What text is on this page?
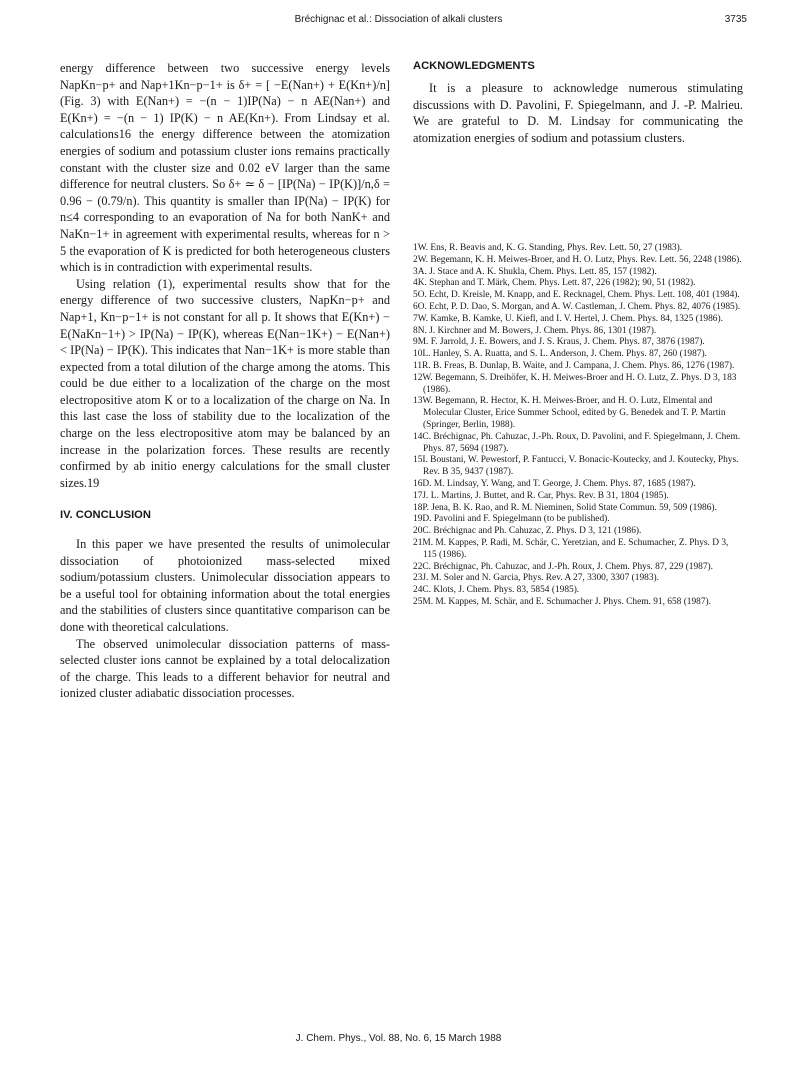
Bréchignac et al.: Dissociation of alkali clusters	3735

energy difference between two successive energy levels NapKn−p+ and Nap+1Kn−p−1+ is δ+ = [ −E(Nan+) + E(Kn+)/n] (Fig. 3) with E(Nan+) = −(n − 1)IP(Na) − n AE(Nan+) and E(Kn+) = −(n − 1) IP(K) − n AE(Kn+). From Lindsay et al. calculations16 the energy difference between the atomization energies of sodium and potassium cluster ions remains practically constant with the cluster size and 0.02 eV larger than the same difference for neutral clusters. So δ+ ≃ δ − [IP(Na) − IP(K)]/n,δ = 0.96 − (0.79/n). This quantity is smaller than IP(Na) − IP(K) for n≤4 corresponding to an evaporation of Na for both NanK+ and NaKn−1+ in agreement with experimental results, whereas for n > 5 the evaporation of K is predicted for both heterogeneous clusters which is in contradiction with experimental results.

Using relation (1), experimental results show that for the energy difference of two successive clusters, NapKn−p+ and Nap+1, Kn−p−1+ is not constant for all p. It shows that E(Kn+) − E(NaKn−1+) > IP(Na) − IP(K), whereas E(Nan−1K+) − E(Nan+) < IP(Na) − IP(K). This indicates that Nan−1K+ is more stable than expected from a total dilution of the charge among the atoms. This could be due either to a localization of the charge on the most electropositive atom K or to a localization of the charge on Na. In this last case the loss of stability due to the localization of the charge on the less electropositive atom may be balanced by an increase in the polarization forces. These results are recently confirmed by ab initio energy calculations for the small cluster sizes.19

IV. CONCLUSION

In this paper we have presented the results of unimolecular dissociation of photoionized mass-selected mixed sodium/potassium clusters. Unimolecular dissociation appears to be a useful tool for obtaining information about the total energies and the stabilities of clusters since quantitative comparison can be done with theoretical calculations.

The observed unimolecular dissociation patterns of mass-selected cluster ions cannot be explained by a total delocalization of the charge. This leads to a different behavior for neutral and ionized cluster adiabatic dissociation processes.

ACKNOWLEDGMENTS

It is a pleasure to acknowledge numerous stimulating discussions with D. Pavolini, F. Spiegelmann, and J. -P. Malrieu. We are grateful to D. M. Lindsay for communicating the atomization energies of sodium and potassium clusters.

1W. Ens, R. Beavis and, K. G. Standing, Phys. Rev. Lett. 50, 27 (1983).
2W. Begemann, K. H. Meiwes-Broer, and H. O. Lutz, Phys. Rev. Lett. 56, 2248 (1986).
3A. J. Stace and A. K. Shukla, Chem. Phys. Lett. 85, 157 (1982).
4K. Stephan and T. Märk, Chem. Phys. Lett. 87, 226 (1982); 90, 51 (1982).
5O. Echt, D. Kreisle, M. Knapp, and E. Recknagel, Chem. Phys. Lett. 108, 401 (1984).
6O. Echt, P. D. Dao, S. Morgan, and A. W. Castleman, J. Chem. Phys. 82, 4076 (1985).
7W. Kamke, B. Kamke, U. Kiefl, and I. V. Hertel, J. Chem. Phys. 84, 1325 (1986).
8N. J. Kirchner and M. Bowers, J. Chem. Phys. 86, 1301 (1987).
9M. F. Jarrold, J. E. Bowers, and J. S. Kraus, J. Chem. Phys. 87, 3876 (1987).
10L. Hanley, S. A. Ruatta, and S. L. Anderson, J. Chem. Phys. 87, 260 (1987).
11R. B. Freas, B. Dunlap, B. Waite, and J. Campana, J. Chem. Phys. 86, 1276 (1987).
12W. Begemann, S. Dreihöfer, K. H. Meiwes-Broer and H. O. Lutz, Z. Phys. D 3, 183 (1986).
13W. Begemann, R. Hector, K. H. Meiwes-Broer, and H. O. Lutz, Elmental and Molecular Cluster, Erice Summer School, edited by G. Benedek and T. P. Martin (Springer, Berlin, 1988).
14C. Bréchignac, Ph. Cahuzac, J.-Ph. Roux, D. Pavolini, and F. Spiegelmann, J. Chem. Phys. 87, 5694 (1987).
15I. Boustani, W. Pewestorf, P. Fantucci, V. Bonacic-Koutecky, and J. Koutecky, Phys. Rev. B 35, 9437 (1987).
16D. M. Lindsay, Y. Wang, and T. George, J. Chem. Phys. 87, 1685 (1987).
17J. L. Martins, J. Buttet, and R. Car, Phys. Rev. B 31, 1804 (1985).
18P. Jena, B. K. Rao, and R. M. Nieminen, Solid State Commun. 59, 509 (1986).
19D. Pavolini and F. Spiegelmann (to be published).
20C. Bréchignac and Ph. Cahuzac, Z. Phys. D 3, 121 (1986).
21M. M. Kappes, P. Radi, M. Schär, C. Yeretzian, and E. Schumacher, Z. Phys. D 3, 115 (1986).
22C. Bréchignac, Ph. Cahuzac, and J.-Ph. Roux, J. Chem. Phys. 87, 229 (1987).
23J. M. Soler and N. Garcia, Phys. Rev. A 27, 3300, 3307 (1983).
24C. Klots, J. Chem. Phys. 83, 5854 (1985).
25M. M. Kappes, M. Schär, and E. Schumacher J. Phys. Chem. 91, 658 (1987).
J. Chem. Phys., Vol. 88, No. 6, 15 March 1988
